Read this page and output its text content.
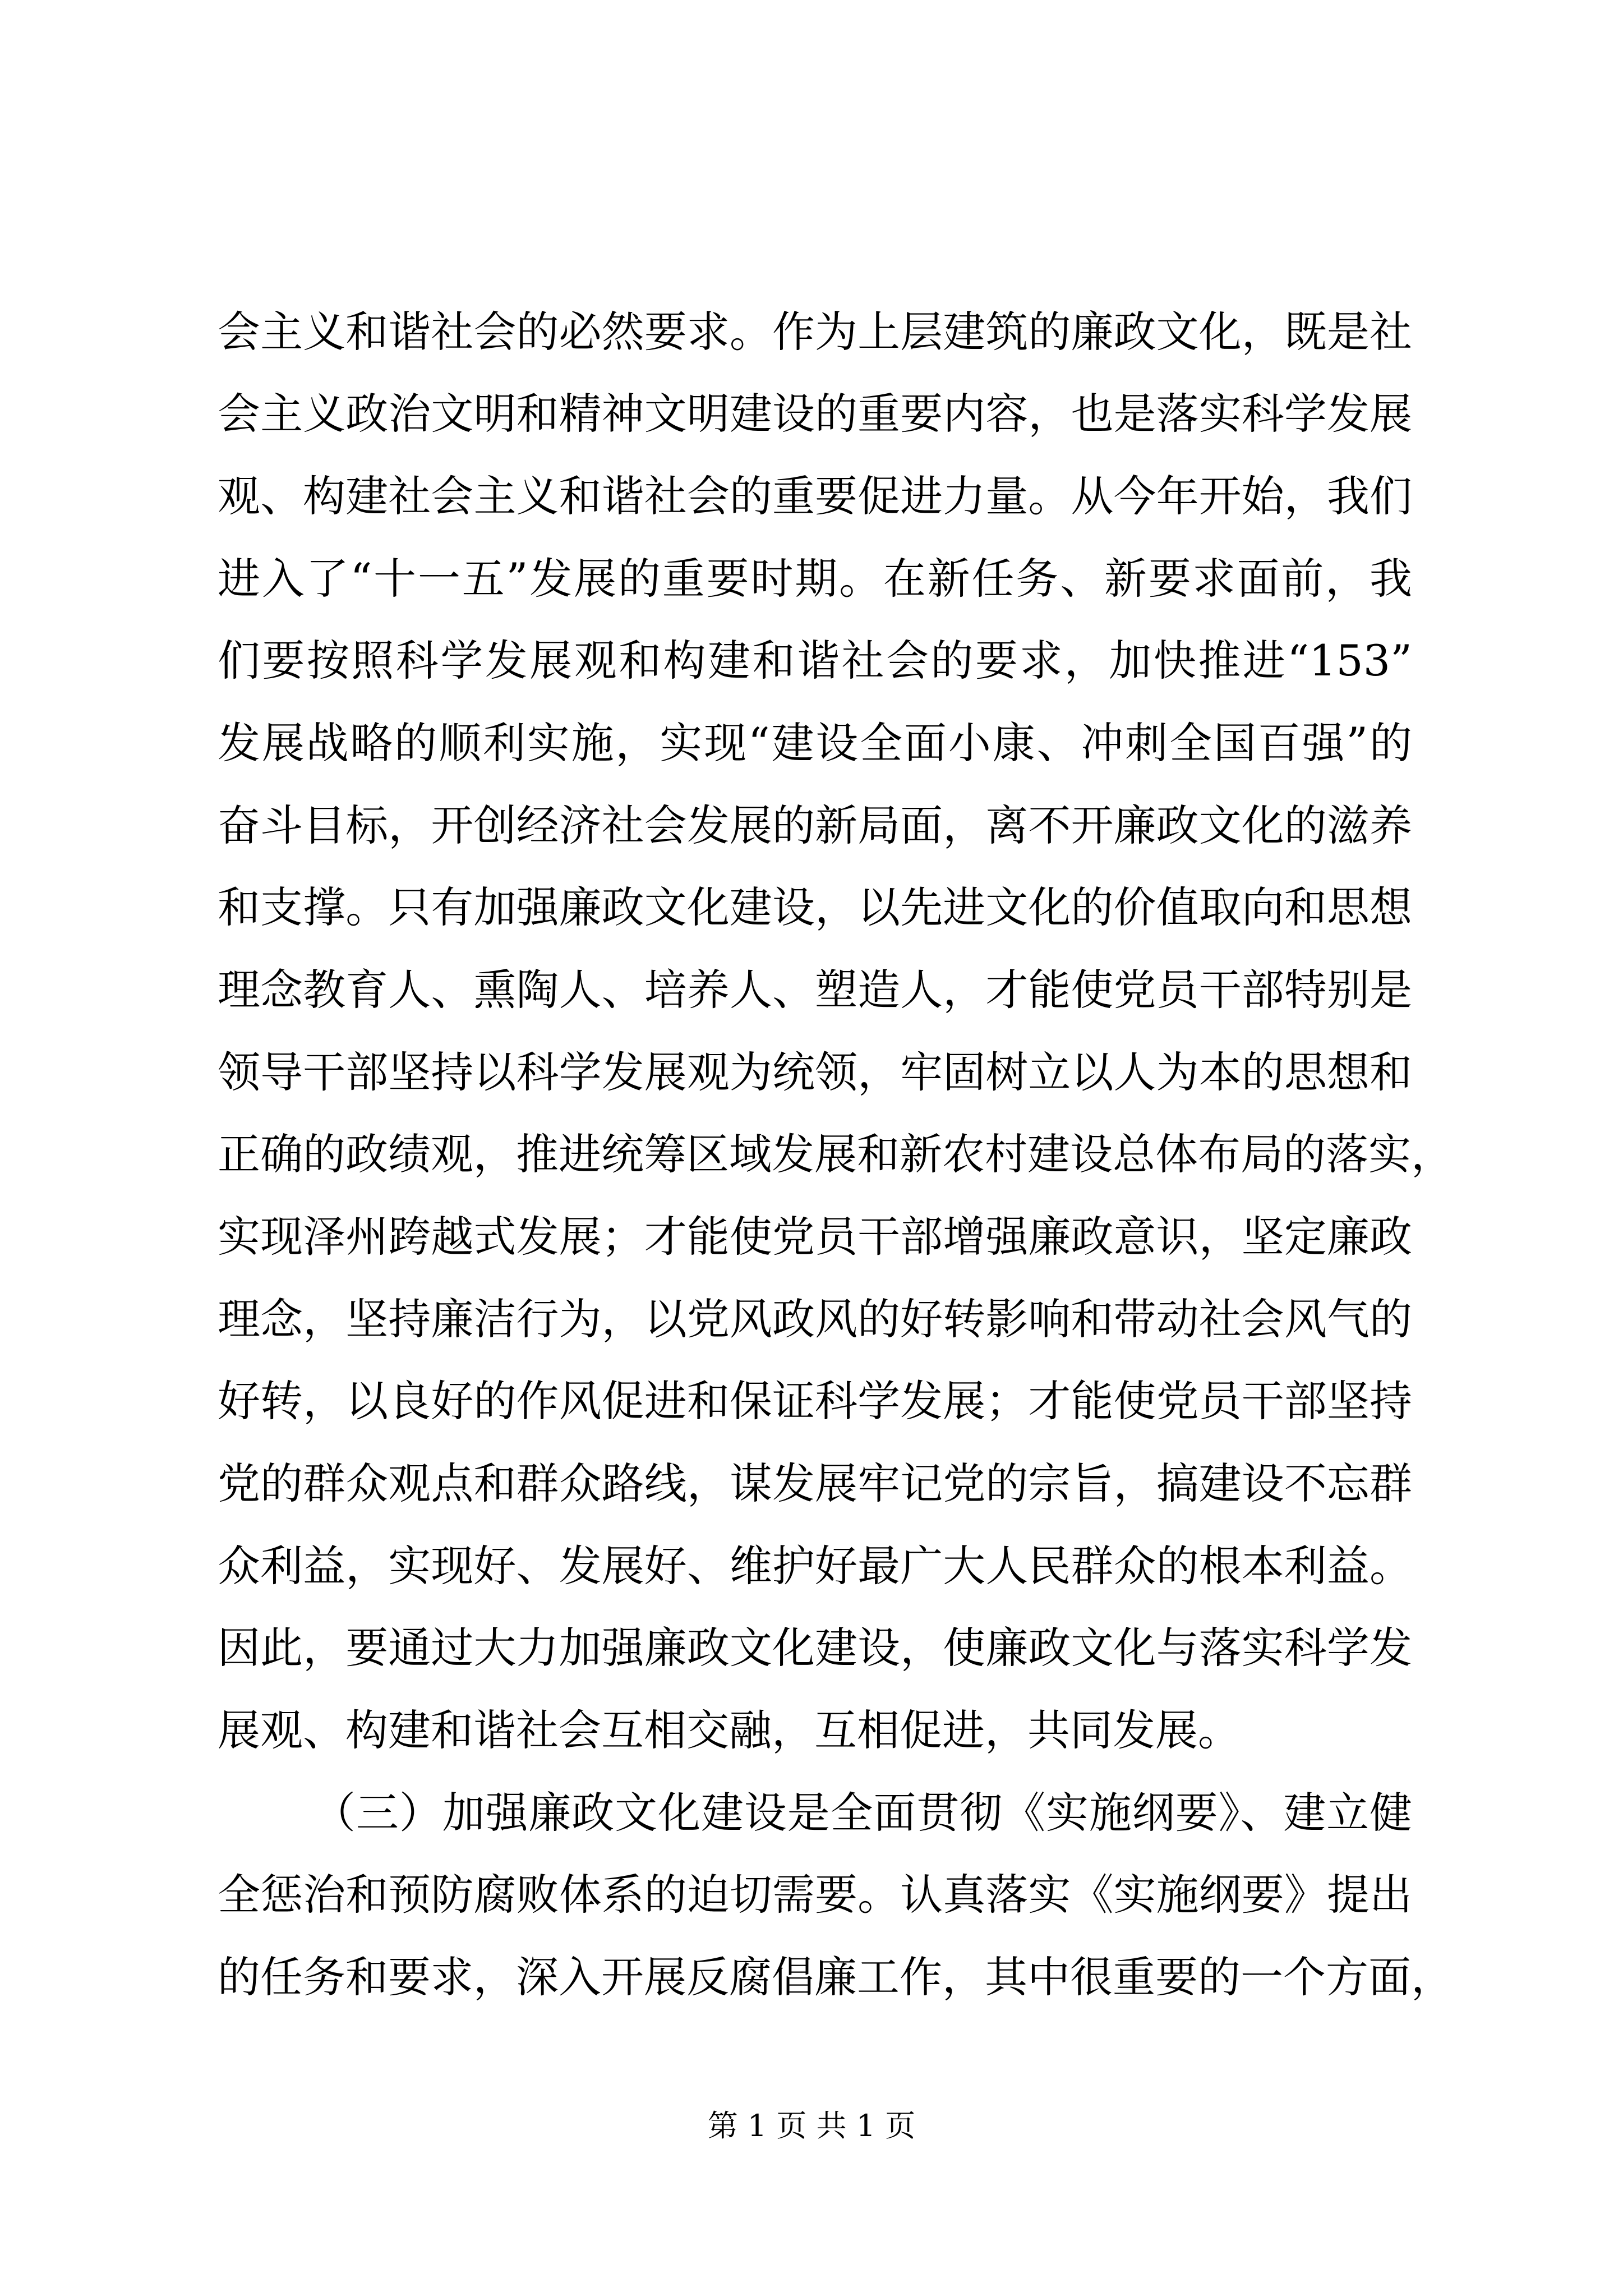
会主义和谐社会的必然要求。作为上层建筑的廉政文化，既是社
会主义政治文明和精神文明建设的重要内容，也是落实科学发展
观、构建社会主义和谐社会的重要促进力量。从今年开始，我们
进入了“十一五”发展的重要时期。在新任务、新要求面前，我
们要按照科学发展观和构建和谐社会的要求，加快推进“153”
发展战略的顺利实施，实现“建设全面小康、冲刺全国百强”的
奋斗目标，开创经济社会发展的新局面，离不开廉政文化的滋养
和支撑。只有加强廉政文化建设，以先进文化的价值取向和思想
理念教育人、熏陶人、培养人、塑造人，才能使党员干部特别是
领导干部坚持以科学发展观为统领，牢固树立以人为本的思想和
正确的政绩观，推进统筹区域发展和新农村建设总体布局的落实，
实现泽州跨越式发展；才能使党员干部增强廉政意识，坚定廉政
理念，坚持廉洁行为，以党风政风的好转影响和带动社会风气的
好转，以良好的作风促进和保证科学发展；才能使党员干部坚持
党的群众观点和群众路线，谋发展牢记党的宗旨，搞建设不忘群
众利益，实现好、发展好、维护好最广大人民群众的根本利益。
因此，要通过大力加强廉政文化建设，使廉政文化与落实科学发
展观、构建和谐社会互相交融，互相促进，共同发展。
（三）加强廉政文化建设是全面贯彻《实施纲要》、建立健
全惩治和预防腐败体系的迫切需要。认真落实《实施纲要》提出
的任务和要求，深入开展反腐倡廉工作，其中很重要的一个方面，
第 1 页 共 1 页
